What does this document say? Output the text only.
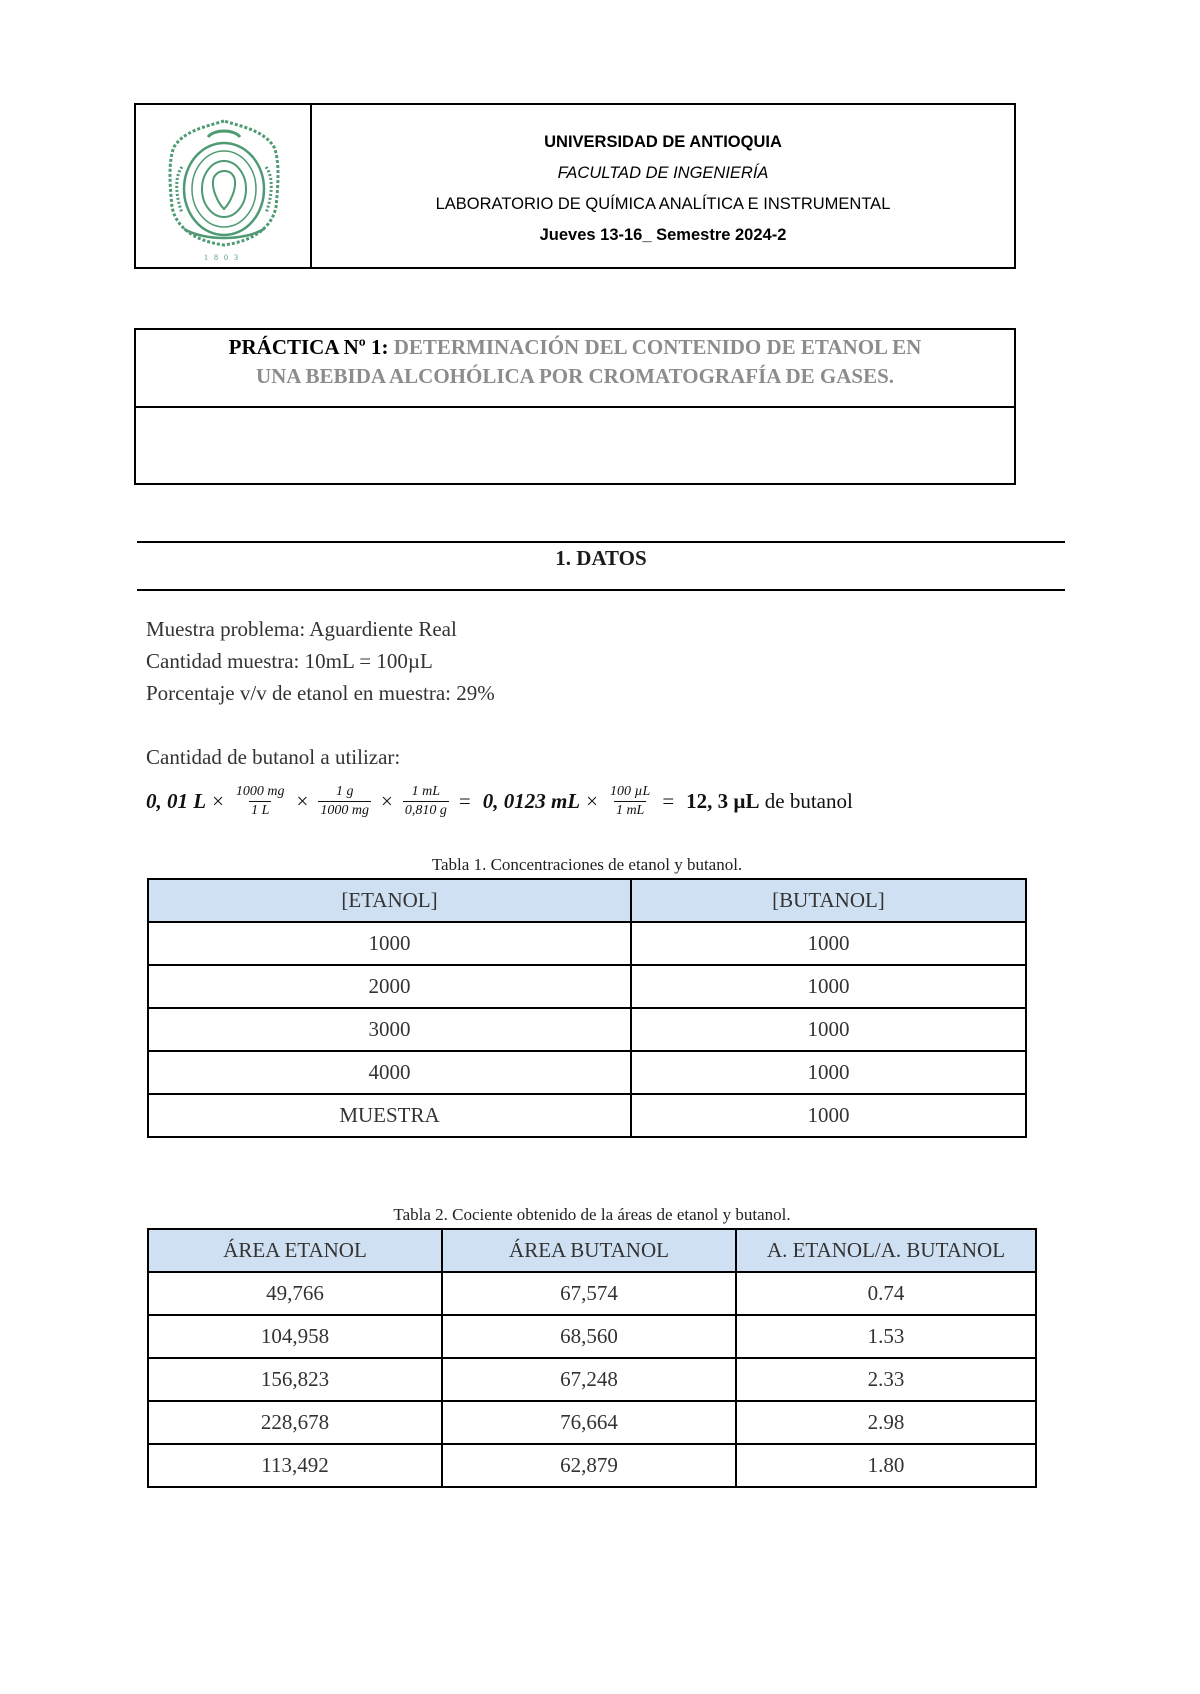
1803
UNIVERSIDAD DE ANTIOQUIA
FACULTAD DE INGENIERÍA
LABORATORIO DE QUÍMICA ANALÍTICA E INSTRUMENTAL
Jueves 13-16_ Semestre 2024-2
PRÁCTICA Nº 1: DETERMINACIÓN DEL CONTENIDO DE ETANOL EN
UNA BEBIDA ALCOHÓLICA POR CROMATOGRAFÍA DE GASES.
1. DATOS
Muestra problema: Aguardiente Real
Cantidad muestra: 10mL = 100µL
Porcentaje v/v de etanol en muestra: 29%
Cantidad de butanol a utilizar:
0, 01 $L \times \frac{1000 mg}{1 L} \times \frac{1 g}{1000 mg} \times \frac{1 mL}{0,810 g} = 0$, 0123 mL × $\frac{\text{100 µL}}{1 mL} = 12$, 3 µL de butanol
Tabla 1. Concentraciones de etanol y butanol.
[ETANOL]	[BUTANOL]
1000	1000
2000	1000
3000	1000
4000	1000
MUESTRA	1000
Tabla 2. Cociente obtenido de la áreas de etanol y butanol.
ÁREA ETANOL	ÁREA BUTANOL	A. ETANOL/A. BUTANOL
49,766	67,574	0.74
104,958	68,560	1.53
156,823	67,248	2.33
228,678	76,664	2.98
113,492	62,879	1.80
